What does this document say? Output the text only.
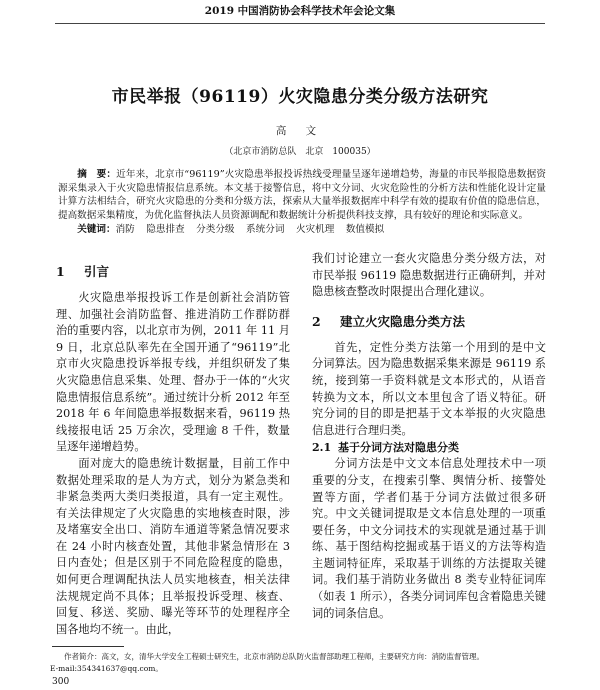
2019 中国消防协会科学技术年会论文集
市民举报（96119）火灾隐患分类分级方法研究
高 文
（北京市消防总队　北京　100035）
摘　要：近年来，北京市“96119”火灾隐患举报投诉热线受理量呈逐年递增趋势，海量的市民举报隐患数据资源采集录入于火灾隐患情报信息系统。本文基于接警信息，将中文分词、火灾危险性的分析方法和性能化设计定量计算方法相结合，研究火灾隐患的分类和分级方法，探索从大量举报数据库中科学有效的提取有价值的隐患信息，提高数据采集精度，为优化监督执法人员资源调配和数据统计分析提供科技支撑，具有较好的理论和实际意义。
关键词：消防 隐患排查 分类分级 系统分词 火灾机理 数值模拟
1 引言

火灾隐患举报投诉工作是创新社会消防管理、加强社会消防监督、推进消防工作群防群治的重要内容，以北京市为例，2011 年 11 月 9 日，北京总队率先在全国开通了“96119”北京市火灾隐患投诉举报专线，并组织研发了集火灾隐患信息采集、处理、督办于一体的“火灾隐患情报信息系统”。通过统计分析 2012 年至 2018 年 6 年间隐患举报数据来看，96119 热线接报电话 25 万余次，受理逾 8 千件，数量呈逐年递增趋势。

面对庞大的隐患统计数据量，目前工作中数据处理采取的是人为方式，划分为紧急类和非紧急类两大类归类报道，具有一定主观性。有关法律规定了火灾隐患的实地核查时限，涉及堵塞安全出口、消防车通道等紧急情况要求在 24 小时内核查处置，其他非紧急情形在 3 日内查处；但是区别于不同危险程度的隐患，如何更合理调配执法人员实地核查，相关法律法规规定尚不具体；且举报投诉受理、核查、回复、移送、奖励、曝光等环节的处理程序全国各地均不统一。由此，

我们讨论建立一套火灾隐患分类分级方法，对市民举报 96119 隐患数据进行正确研判，并对隐患核查整改时限提出合理化建议。

2 建立火灾隐患分类方法

首先，定性分类方法第一个用到的是中文分词算法。因为隐患数据采集来源是 96119 系统，接到第一手资料就是文本形式的，从语音转换为文本，所以文本里包含了语义特征。研究分词的目的即是把基于文本举报的火灾隐患信息进行合理归类。

2.1 基于分词方法对隐患分类

分词方法是中文文本信息处理技术中一项重要的分支，在搜索引擎、舆情分析、接警处置等方面，学者们基于分词方法做过很多研究。中文关键词提取是文本信息处理的一项重要任务，中文分词技术的实现就是通过基于训练、基于图结构挖掘或基于语义的方法等构造主题词特征库，采取基于训练的方法提取关键词。我们基于消防业务做出 8 类专业特征词库（如表 1 所示），各类分词词库包含着隐患关键词的词条信息。

作者简介：高文，女，清华大学安全工程硕士研究生，北京市消防总队防火监督部助理工程师，主要研究方向：消防监督管理。
E-mail:354341637@qq.com。
300
